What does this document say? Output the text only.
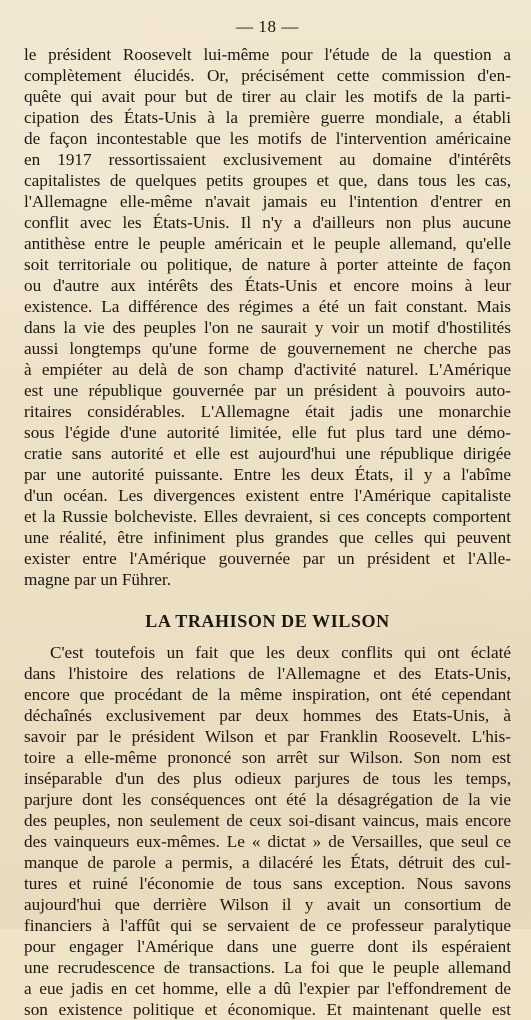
— 18 —
le président Roosevelt lui-même pour l'étude de la question a
complètement élucidés. Or, précisément cette commission d'en-
quête qui avait pour but de tirer au clair les motifs de la parti-
cipation des États-Unis à la première guerre mondiale, a établi
de façon incontestable que les motifs de l'intervention américaine
en 1917 ressortissaient exclusivement au domaine d'intérêts
capitalistes de quelques petits groupes et que, dans tous les cas,
l'Allemagne elle-même n'avait jamais eu l'intention d'entrer en
conflit avec les États-Unis. Il n'y a d'ailleurs non plus aucune
antithèse entre le peuple américain et le peuple allemand, qu'elle
soit territoriale ou politique, de nature à porter atteinte de façon
ou d'autre aux intérêts des États-Unis et encore moins à leur
existence. La différence des régimes a été un fait constant. Mais
dans la vie des peuples l'on ne saurait y voir un motif d'hostilités
aussi longtemps qu'une forme de gouvernement ne cherche pas
à empiéter au delà de son champ d'activité naturel. L'Amérique
est une république gouvernée par un président à pouvoirs auto-
ritaires considérables. L'Allemagne était jadis une monarchie
sous l'égide d'une autorité limitée, elle fut plus tard une démo-
cratie sans autorité et elle est aujourd'hui une république dirigée
par une autorité puissante. Entre les deux États, il y a l'abîme
d'un océan. Les divergences existent entre l'Amérique capitaliste
et la Russie bolcheviste. Elles devraient, si ces concepts comportent
une réalité, être infiniment plus grandes que celles qui peuvent
exister entre l'Amérique gouvernée par un président et l'Alle-
magne par un Führer.
LA TRAHISON DE WILSON
C'est toutefois un fait que les deux conflits qui ont éclaté
dans l'histoire des relations de l'Allemagne et des Etats-Unis,
encore que procédant de la même inspiration, ont été cependant
déchaînés exclusivement par deux hommes des Etats-Unis, à
savoir par le président Wilson et par Franklin Roosevelt. L'his-
toire a elle-même prononcé son arrêt sur Wilson. Son nom est
inséparable d'un des plus odieux parjures de tous les temps,
parjure dont les conséquences ont été la désagrégation de la vie
des peuples, non seulement de ceux soi-disant vaincus, mais encore
des vainqueurs eux-mêmes. Le « dictat » de Versailles, que seul ce
manque de parole a permis, a dilacéré les États, détruit des cul-
tures et ruiné l'économie de tous sans exception. Nous savons
aujourd'hui que derrière Wilson il y avait un consortium de
financiers à l'affût qui se servaient de ce professeur paralytique
pour engager l'Amérique dans une guerre dont ils espéraient
une recrudescence de transactions. La foi que le peuple allemand
a eue jadis en cet homme, elle a dû l'expier par l'effondrement de
son existence politique et économique. Et maintenant quelle est
